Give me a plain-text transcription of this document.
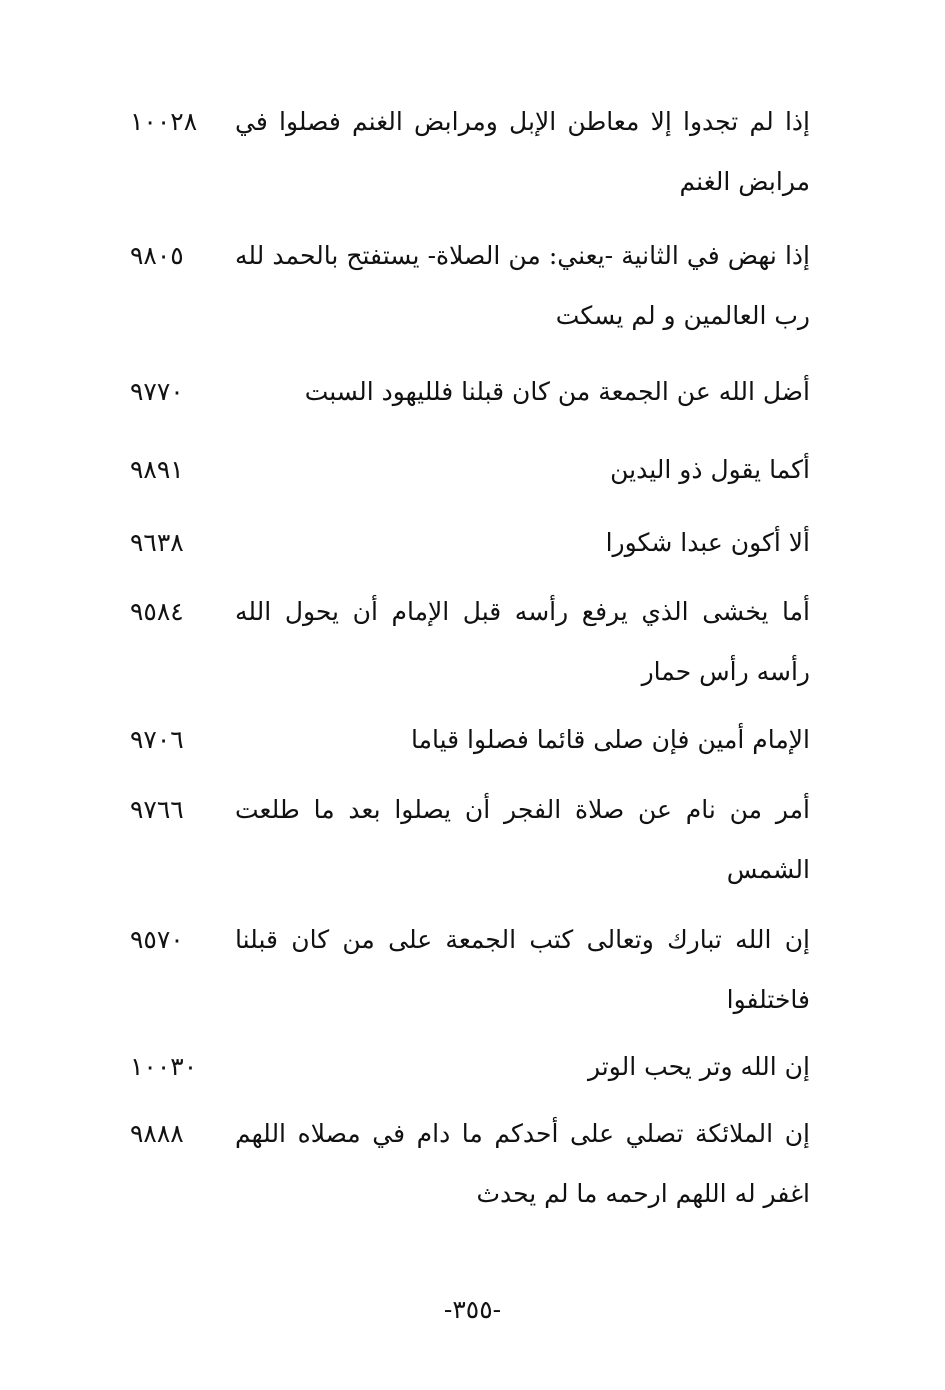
إذا لم تجدوا إلا معاطن الإبل ومرابض الغنم فصلوا في مرابض الغنم
١٠٠٢٨
إذا نهض في الثانية -يعني: من الصلاة- يستفتح بالحمد لله رب العالمين و لم يسكت
٩٨٠٥
أضل الله عن الجمعة من كان قبلنا فلليهود السبت
٩٧٧٠
أكما يقول ذو اليدين
٩٨٩١
ألا أكون عبدا شكورا
٩٦٣٨
أما يخشى الذي يرفع رأسه قبل الإمام أن يحول الله رأسه رأس حمار
٩٥٨٤
الإمام أمين فإن صلى قائما فصلوا قياما
٩٧٠٦
أمر من نام عن صلاة الفجر أن يصلوا بعد ما طلعت الشمس
٩٧٦٦
إن الله تبارك وتعالى كتب الجمعة على من كان قبلنا فاختلفوا
٩٥٧٠
إن الله وتر يحب الوتر
١٠٠٣٠
إن الملائكة تصلي على أحدكم ما دام في مصلاه اللهم اغفر له اللهم ارحمه ما لم يحدث
٩٨٨٨
-٣٥٥-
